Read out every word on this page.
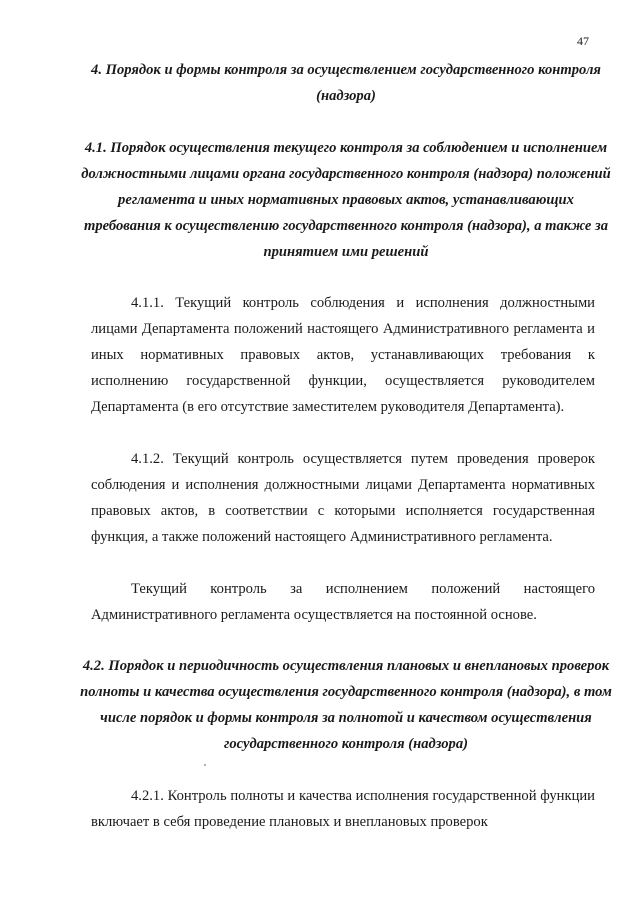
47
4. Порядок и формы контроля за осуществлением государственного контроля (надзора)
4.1. Порядок осуществления текущего контроля за соблюдением и исполнением должностными лицами органа государственного контроля (надзора) положений регламента и иных нормативных правовых актов, устанавливающих требования к осуществлению государственного контроля (надзора), а также за принятием ими решений
4.1.1. Текущий контроль соблюдения и исполнения должностными лицами Департамента положений настоящего Административного регламента и иных нормативных правовых актов, устанавливающих требования к исполнению государственной функции, осуществляется руководителем Департамента (в его отсутствие заместителем руководителя Департамента).
4.1.2. Текущий контроль осуществляется путем проведения проверок соблюдения и исполнения должностными лицами Департамента нормативных правовых актов, в соответствии с которыми исполняется государственная функция, а также положений настоящего Административного регламента.
Текущий контроль за исполнением положений настоящего Административного регламента осуществляется на постоянной основе.
4.2. Порядок и периодичность осуществления плановых и внеплановых проверок полноты и качества осуществления государственного контроля (надзора), в том числе порядок и формы контроля за полнотой и качеством осуществления государственного контроля (надзора)
4.2.1. Контроль полноты и качества исполнения государственной функции включает в себя проведение плановых и внеплановых проверок
